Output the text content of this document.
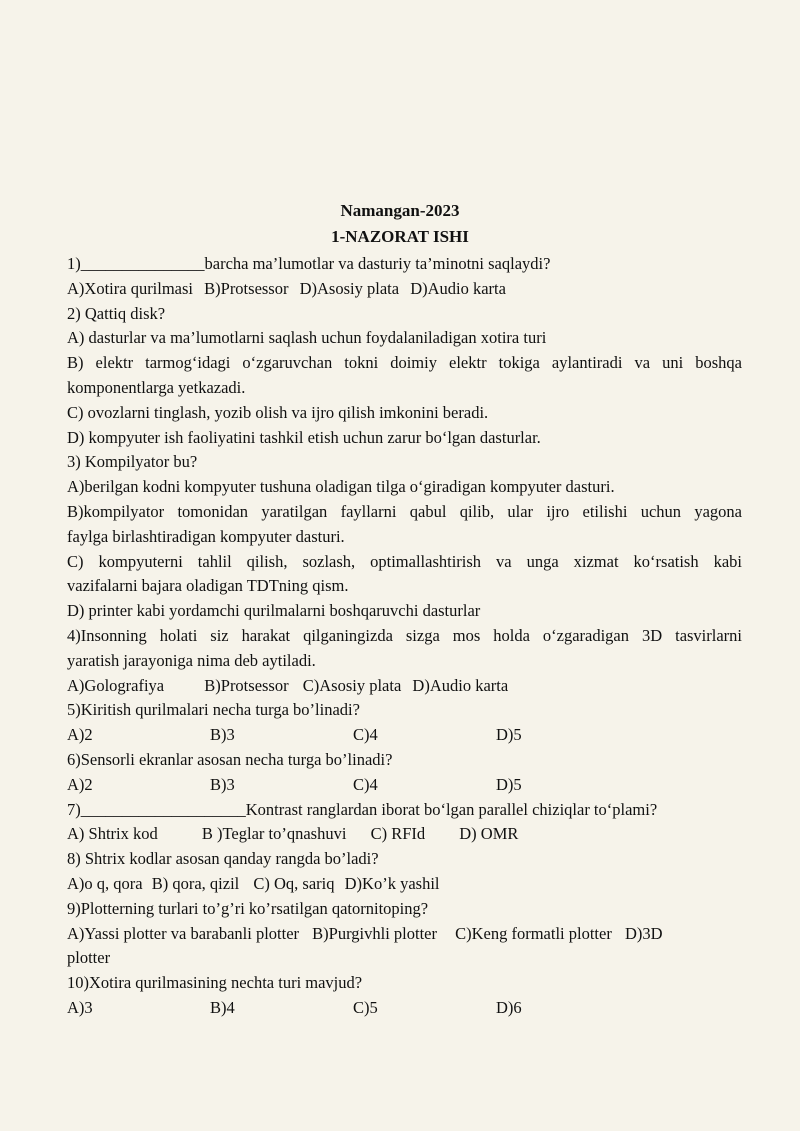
Namangan-2023
1-NAZORAT ISHI
1)_______________barcha ma’lumotlar va dasturiy ta’minotni saqlaydi?
A)Xotira qurilmasi B)Protsessor D)Asosiy plata D)Audio karta
2) Qattiq disk?
A) dasturlar va ma’lumotlarni saqlash uchun foydalaniladigan xotira turi
B) elektr tarmog‘idagi o‘zgaruvchan tokni doimiy elektr tokiga aylantiradi va uni boshqa
komponentlarga yetkazadi.
C) ovozlarni tinglash, yozib olish va ijro qilish imkonini beradi.
D) kompyuter ish faoliyatini tashkil etish uchun zarur bo‘lgan dasturlar.
3) Kompilyator bu?
A)berilgan kodni kompyuter tushuna oladigan tilga o‘giradigan kompyuter dasturi.
B)kompilyator tomonidan yaratilgan fayllarni qabul qilib, ular ijro etilishi uchun yagona
faylga birlashtiradigan kompyuter dasturi.
C) kompyuterni tahlil qilish, sozlash, optimallashtirish va unga xizmat ko‘rsatish kabi
vazifalarni bajara oladigan TDTning qism.
D) printer kabi yordamchi qurilmalarni boshqaruvchi dasturlar
4)Insonning holati siz harakat qilganingizda sizga mos holda o‘zgaradigan 3D tasvirlarni
yaratish jarayoniga nima deb aytiladi.
A)Golografiya B)Protsessor C)Asosiy plata D)Audio karta
5)Kiritish qurilmalari necha turga bo’linadi?
A)2	B)3	C)4	D)5
6)Sensorli ekranlar asosan necha turga bo’linadi?
A)2	B)3	C)4	D)5
7)____________________Kontrast ranglardan iborat bo‘lgan parallel chiziqlar to‘plami?
A) Shtrix kod	B )Teglar to’qnashuvi C) RFId D) OMR
8) Shtrix kodlar asosan qanday rangda bo’ladi?
A)o q, qora B) qora, qizil C) Oq, sariq D)Ko’k yashil
9)Plotterning turlari to’g’ri ko’rsatilgan qatornitoping?
A)Yassi plotter va barabanli plotter B)Purgivhli plotter C)Keng formatli plotter D)3D
plotter
10)Xotira qurilmasining nechta turi mavjud?
A)3	B)4	C)5	D)6
